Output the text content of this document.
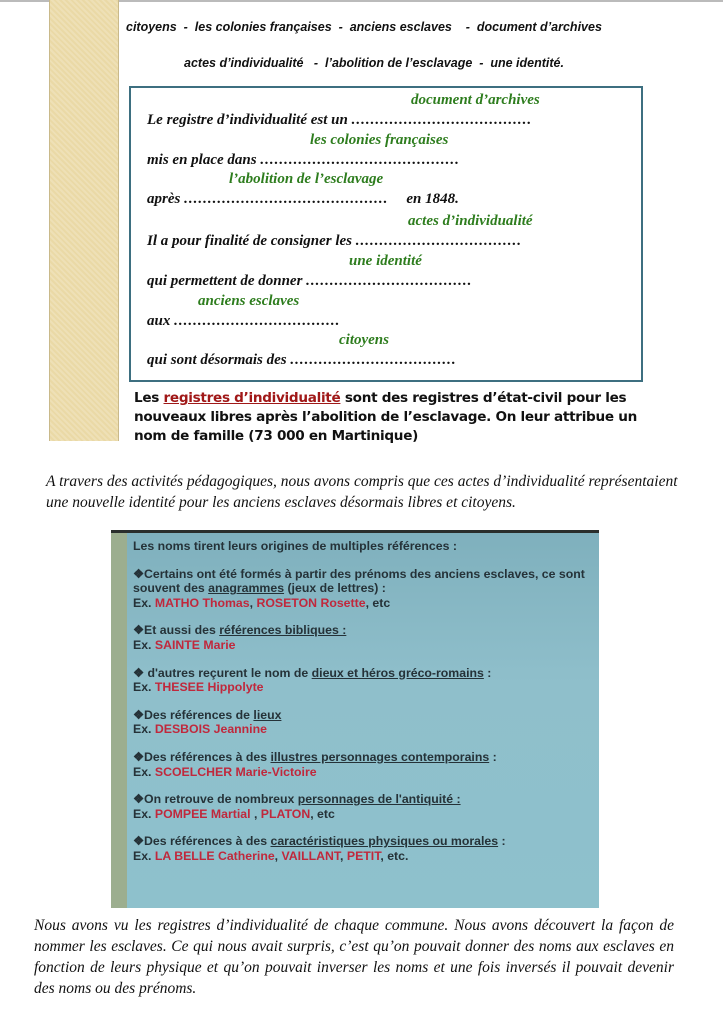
citoyens  -  les colonies françaises  -  anciens esclaves    -  document d’archives
actes d’individualité   -  l’abolition de l’esclavage  -  une identité.
Le registre d’individualité est un ......................................
document d’archives
mis en place dans ..........................................
les colonies françaises
après ........................................... en 1848.
l’abolition de l’esclavage
Il a pour finalité de consigner les ...................................
actes d’individualité
qui permettent de donner ...................................
une identité
aux ...................................
anciens esclaves
qui sont désormais des ...................................
citoyens
Les registres d’individualité sont des registres d’état-civil pour les nouveaux libres après l’abolition de l’esclavage. On leur attribue un nom de famille (73 000 en Martinique)
A travers des activités pédagogiques, nous avons compris que ces actes d’individualité représentaient une nouvelle identité pour les anciens esclaves désormais libres et citoyens.

Les noms tirent leurs origines de multiples références :

❖Certains ont été formés à partir des prénoms des anciens esclaves, ce sont souvent des anagrammes (jeux de lettres) :
Ex. MATHO Thomas, ROSETON Rosette, etc

❖Et aussi des références bibliques :
Ex. SAINTE Marie

❖ d'autres reçurent le nom de dieux et héros gréco-romains :
Ex. THESEE Hippolyte

❖Des références de lieux
Ex. DESBOIS Jeannine

❖Des références à des illustres personnages contemporains :
Ex. SCOELCHER Marie-Victoire

❖On retrouve de nombreux personnages de l'antiquité :
Ex. POMPEE Martial , PLATON, etc

❖Des références à des caractéristiques physiques ou morales :
Ex. LA BELLE Catherine, VAILLANT, PETIT, etc.

Nous avons vu les registres d’individualité de chaque commune. Nous avons découvert la façon de nommer les esclaves. Ce qui nous avait surpris, c’est qu’on pouvait donner des noms aux esclaves en fonction de leurs physique et qu’on pouvait inverser les noms et une fois inversés il pouvait devenir des noms ou des prénoms.
